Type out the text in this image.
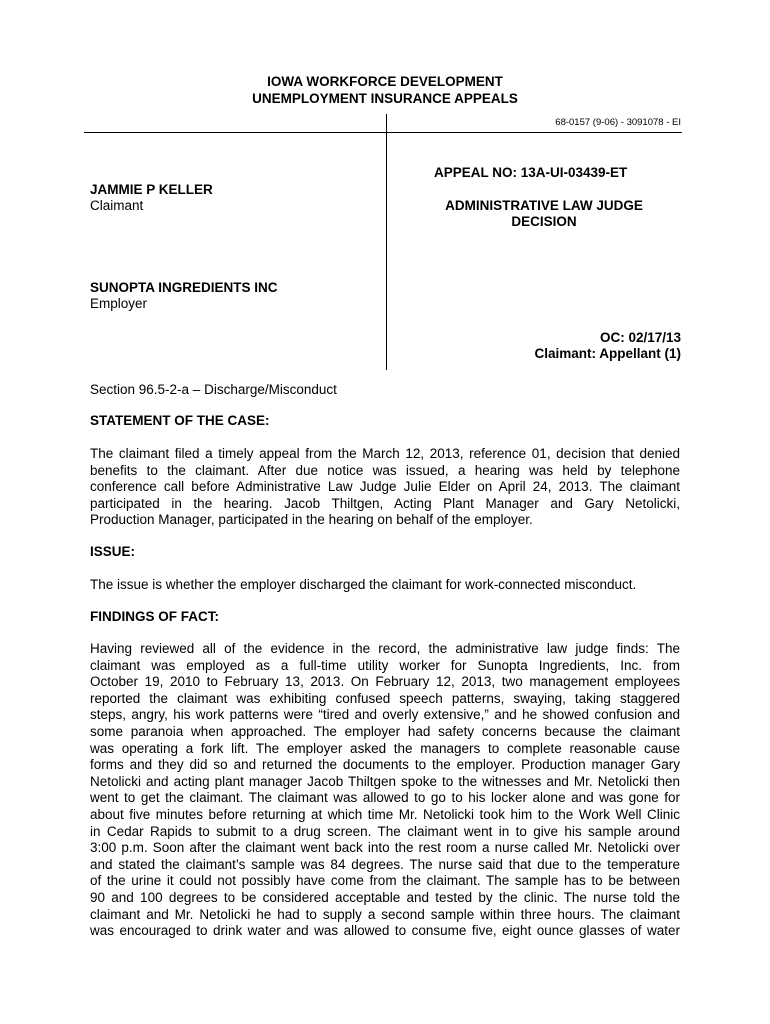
IOWA WORKFORCE DEVELOPMENT
UNEMPLOYMENT INSURANCE APPEALS
68-0157 (9-06) - 3091078 - EI
JAMMIE P KELLER
Claimant
SUNOPTA INGREDIENTS INC
Employer
APPEAL NO: 13A-UI-03439-ET
ADMINISTRATIVE LAW JUDGE
DECISION
OC: 02/17/13
Claimant: Appellant (1)
Section 96.5-2-a – Discharge/Misconduct
STATEMENT OF THE CASE:
The claimant filed a timely appeal from the March 12, 2013, reference 01, decision that denied
benefits to the claimant. After due notice was issued, a hearing was held by telephone
conference call before Administrative Law Judge Julie Elder on April 24, 2013. The claimant
participated in the hearing. Jacob Thiltgen, Acting Plant Manager and Gary Netolicki,
Production Manager, participated in the hearing on behalf of the employer.
ISSUE:
The issue is whether the employer discharged the claimant for work-connected misconduct.
FINDINGS OF FACT:
Having reviewed all of the evidence in the record, the administrative law judge finds: The
claimant was employed as a full-time utility worker for Sunopta Ingredients, Inc. from
October 19, 2010 to February 13, 2013. On February 12, 2013, two management employees
reported the claimant was exhibiting confused speech patterns, swaying, taking staggered
steps, angry, his work patterns were “tired and overly extensive,” and he showed confusion and
some paranoia when approached. The employer had safety concerns because the claimant
was operating a fork lift. The employer asked the managers to complete reasonable cause
forms and they did so and returned the documents to the employer. Production manager Gary
Netolicki and acting plant manager Jacob Thiltgen spoke to the witnesses and Mr. Netolicki then
went to get the claimant. The claimant was allowed to go to his locker alone and was gone for
about five minutes before returning at which time Mr. Netolicki took him to the Work Well Clinic
in Cedar Rapids to submit to a drug screen. The claimant went in to give his sample around
3:00 p.m. Soon after the claimant went back into the rest room a nurse called Mr. Netolicki over
and stated the claimant’s sample was 84 degrees. The nurse said that due to the temperature
of the urine it could not possibly have come from the claimant. The sample has to be between
90 and 100 degrees to be considered acceptable and tested by the clinic. The nurse told the
claimant and Mr. Netolicki he had to supply a second sample within three hours. The claimant
was encouraged to drink water and was allowed to consume five, eight ounce glasses of water
